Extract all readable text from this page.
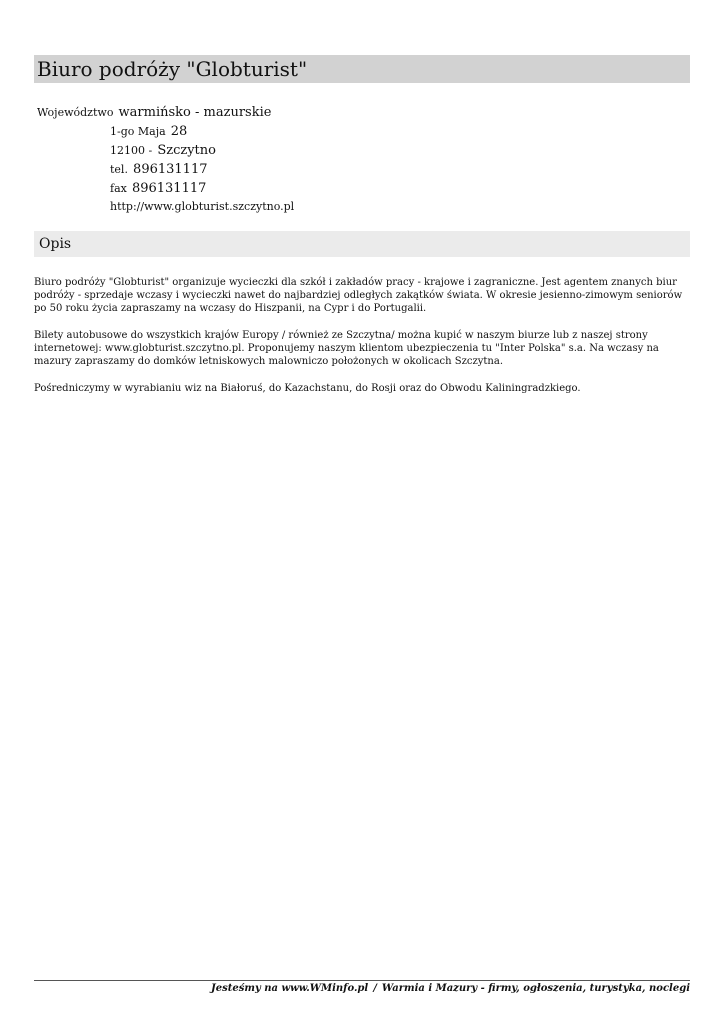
Biuro podróży "Globturist"
Województwo warmińsko - mazurskie
1-go Maja 28
12100 - Szczytno
tel. 896131117
fax 896131117
http://www.globturist.szczytno.pl
Opis

Biuro podróży "Globturist" organizuje wycieczki dla szkół i zakładów pracy - krajowe i zagraniczne. Jest agentem znanych biur podróży - sprzedaje wczasy i wycieczki nawet do najbardziej odległych zakątków świata. W okresie jesienno-zimowym seniorów po 50 roku życia zapraszamy na wczasy do Hiszpanii, na Cypr i do Portugalii.

Bilety autobusowe do wszystkich krajów Europy / również ze Szczytna/ można kupić w naszym biurze lub z naszej strony internetowej: www.globturist.szczytno.pl. Proponujemy naszym klientom ubezpieczenia tu "Inter Polska" s.a. Na wczasy na mazury zapraszamy do domków letniskowych malowniczo położonych w okolicach Szczytna.

Pośredniczymy w wyrabianiu wiz na Białoruś, do Kazachstanu, do Rosji oraz do Obwodu Kaliningradzkiego.

Jesteśmy na www.WMinfo.pl / Warmia i Mazury - firmy, ogłoszenia, turystyka, noclegi
